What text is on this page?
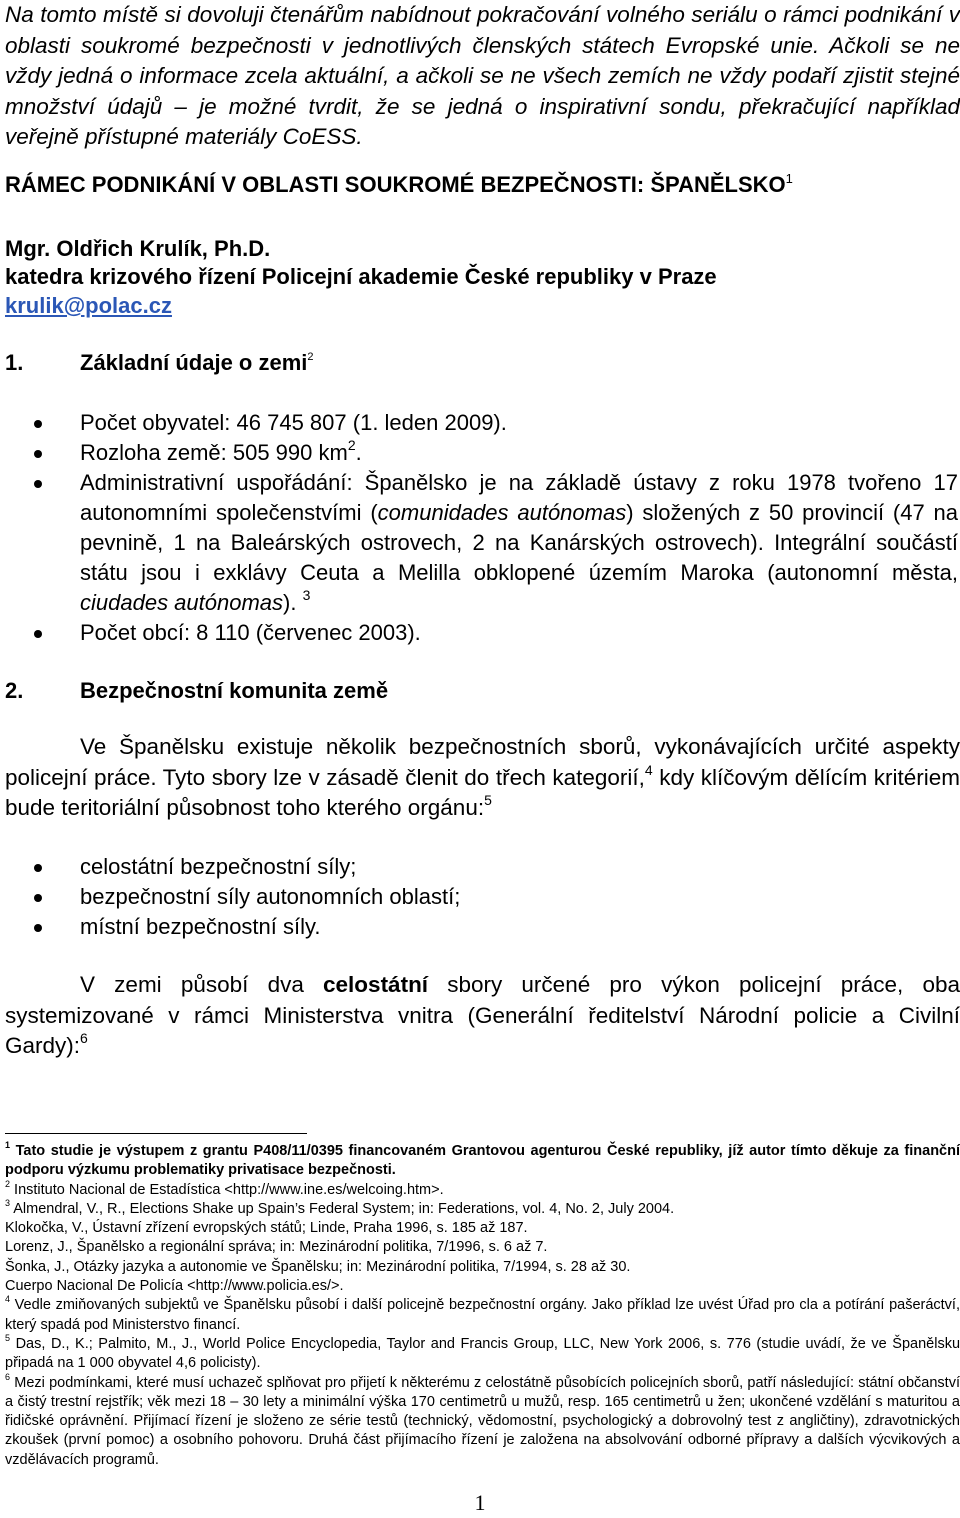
Na tomto místě si dovoluji čtenářům nabídnout pokračování volného seriálu o rámci podnikání v oblasti soukromé bezpečnosti v jednotlivých členských státech Evropské unie. Ačkoli se ne vždy jedná o informace zcela aktuální, a ačkoli se ne všech zemích ne vždy podaří zjistit stejné množství údajů – je možné tvrdit, že se jedná o inspirativní sondu, překračující například veřejně přístupné materiály CoESS.

RÁMEC PODNIKÁNÍ V OBLASTI SOUKROMÉ BEZPEČNOSTI: ŠPANĚLSKO$^1$
Mgr. Oldřich Krulík, Ph.D.
katedra krizového řízení Policejní akademie České republiky v Praze
krulik@polac.cz
1.	Základní údaje o zemi$^2$
Počet obyvatel: 46 745 807 (1. leden 2009).
Rozloha země: 505 990 $km^2$.
Administrativní uspořádání: Španělsko je na základě ústavy z roku 1978 tvořeno 17 autonomními společenstvími (comunidades autónomas) složených z 50 provincií (47 na pevnině, 1 na Baleárských ostrovech, 2 na Kanárských ostrovech). Integrální součástí státu jsou i exklávy Ceuta a Melilla obklopené územím Maroka (autonomní města, ciudades autónomas). $^3$
Počet obcí: 8 110 (červenec 2003).
2.	Bezpečnostní komunita země

Ve Španělsku existuje několik bezpečnostních sborů, vykonávajících určité aspekty policejní práce. Tyto sbory lze v zásadě členit do třech kategorií,$^4$ kdy klíčovým dělícím kritériem bude teritoriální působnost toho kterého orgánu:$^5$

celostátní bezpečnostní síly;
bezpečnostní síly autonomních oblastí;
místní bezpečnostní síly.

V zemi působí dva celostátní sbory určené pro výkon policejní práce, oba systemizované v rámci Ministerstva vnitra (Generální ředitelství Národní policie a Civilní Gardy):$^6$

$^1$ Tato studie je výstupem z grantu P408/11/0395 financovaném Grantovou agenturou České republiky, jíž autor tímto děkuje za finanční podporu výzkumu problematiky privatisace bezpečnosti.

$^2$ Instituto Nacional de Estadística <http://www.ine.es/welcoing.htm>.

$^3$ Almendral, V., R., Elections Shake up Spain’s Federal System; in: Federations, vol. 4, No. 2, July 2004.

Klokočka, V., Ústavní zřízení evropských států; Linde, Praha 1996, s. 185 až 187.

Lorenz, J., Španělsko a regionální správa; in: Mezinárodní politika, 7/1996, s. 6 až 7.

Šonka, J., Otázky jazyka a autonomie ve Španělsku; in: Mezinárodní politika, 7/1994, s. 28 až 30.

Cuerpo Nacional De Policía <http://www.policia.es/>.

$^4$ Vedle zmiňovaných subjektů ve Španělsku působí i další policejně bezpečnostní orgány. Jako příklad lze uvést Úřad pro cla a potírání pašeráctví, který spadá pod Ministerstvo financí.

$^5$ Das, D., K.; Palmito, M., J., World Police Encyclopedia, Taylor and Francis Group, LLC, New York 2006, s. 776 (studie uvádí, že ve Španělsku připadá na 1 000 obyvatel 4,6 policisty).

$^6$ Mezi podmínkami, které musí uchazeč splňovat pro přijetí k některému z celostátně působících policejních sborů, patří následující: státní občanství a čistý trestní rejstřík; věk mezi 18 – 30 lety a minimální výška 170 centimetrů u mužů, resp. 165 centimetrů u žen; ukončené vzdělání s maturitou a řidičské oprávnění. Přijímací řízení je složeno ze série testů (technický, vědomostní, psychologický a dobrovolný test z angličtiny), zdravotnických zkoušek (první pomoc) a osobního pohovoru. Druhá část přijímacího řízení je založena na absolvování odborné přípravy a dalších výcvikových a vzdělávacích programů.

1
